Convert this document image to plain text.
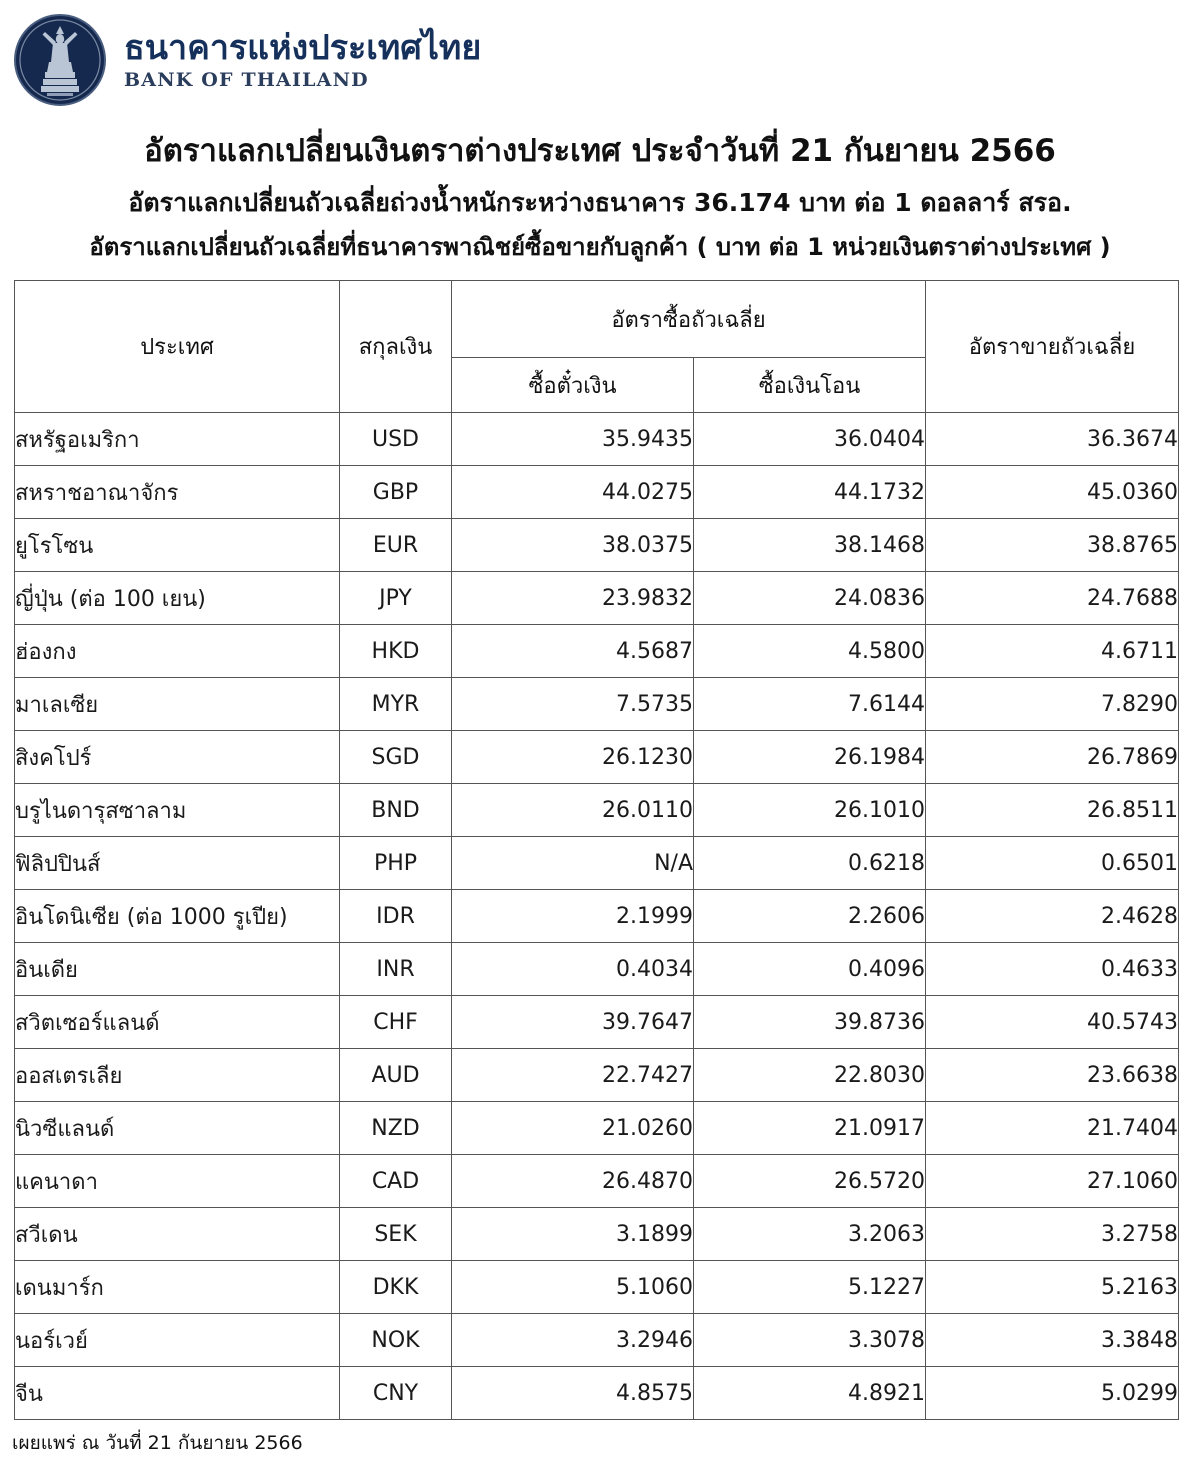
ธนาคารแห่งประเทศไทย
BANK OF THAILAND
อัตราแลกเปลี่ยนเงินตราต่างประเทศ ประจำวันที่ 21 กันยายน 2566
อัตราแลกเปลี่ยนถัวเฉลี่ยถ่วงน้ำหนักระหว่างธนาคาร 36.174 บาท ต่อ 1 ดอลลาร์ สรอ.
อัตราแลกเปลี่ยนถัวเฉลี่ยที่ธนาคารพาณิชย์ซื้อขายกับลูกค้า ( บาท ต่อ 1 หน่วยเงินตราต่างประเทศ )
ประเทศ	สกุลเงิน	อัตราซื้อถัวเฉลี่ย		อัตราขายถัวเฉลี่ย
		ซื้อตั๋วเงิน	ซื้อเงินโอน	
สหรัฐอเมริกา	USD	35.9435	36.0404	36.3674
สหราชอาณาจักร	GBP	44.0275	44.1732	45.0360
ยูโรโซน	EUR	38.0375	38.1468	38.8765
ญี่ปุ่น (ต่อ 100 เยน)	JPY	23.9832	24.0836	24.7688
ฮ่องกง	HKD	4.5687	4.5800	4.6711
มาเลเซีย	MYR	7.5735	7.6144	7.8290
สิงคโปร์	SGD	26.1230	26.1984	26.7869
บรูไนดารุสซาลาม	BND	26.0110	26.1010	26.8511
ฟิลิปปินส์	PHP	N/A	0.6218	0.6501
อินโดนิเซีย (ต่อ 1000 รูเปีย)	IDR	2.1999	2.2606	2.4628
อินเดีย	INR	0.4034	0.4096	0.4633
สวิตเซอร์แลนด์	CHF	39.7647	39.8736	40.5743
ออสเตรเลีย	AUD	22.7427	22.8030	23.6638
นิวซีแลนด์	NZD	21.0260	21.0917	21.7404
แคนาดา	CAD	26.4870	26.5720	27.1060
สวีเดน	SEK	3.1899	3.2063	3.2758
เดนมาร์ก	DKK	5.1060	5.1227	5.2163
นอร์เวย์	NOK	3.2946	3.3078	3.3848
จีน	CNY	4.8575	4.8921	5.0299
เผยแพร่ ณ วันที่ 21 กันยายน 2566
